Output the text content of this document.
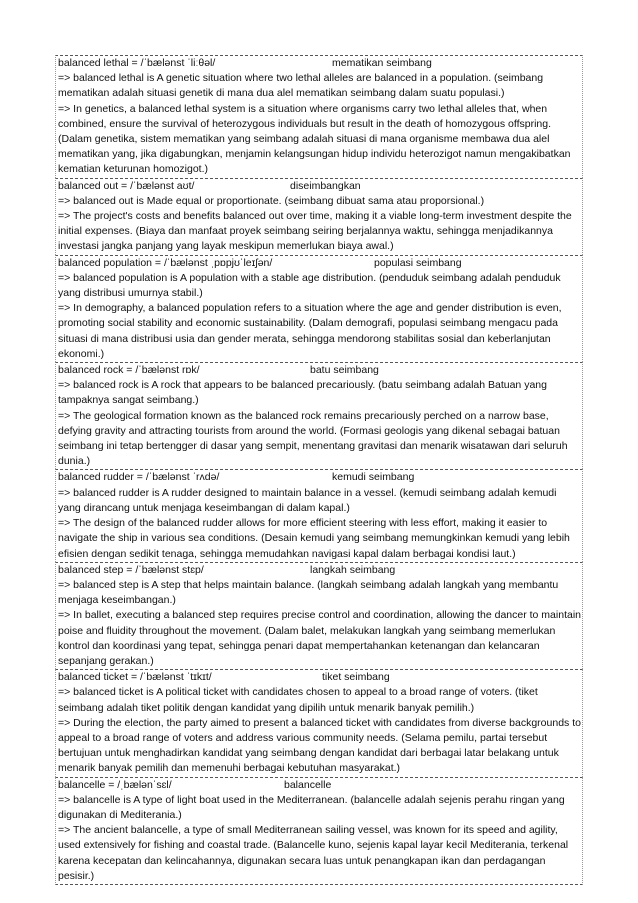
balanced lethal = /ˈbælənst ˈliːθəl/	mematikan seimbang

=> balanced lethal is A genetic situation where two lethal alleles are balanced in a population. (seimbang mematikan adalah situasi genetik di mana dua alel mematikan seimbang dalam suatu populasi.)

=> In genetics, a balanced lethal system is a situation where organisms carry two lethal alleles that, when combined, ensure the survival of heterozygous individuals but result in the death of homozygous offspring. (Dalam genetika, sistem mematikan yang seimbang adalah situasi di mana organisme membawa dua alel mematikan yang, jika digabungkan, menjamin kelangsungan hidup individu heterozigot namun mengakibatkan kematian keturunan homozigot.)

balanced out = /ˈbælənst aʊt/	diseimbangkan

=> balanced out is Made equal or proportionate. (seimbang dibuat sama atau proporsional.)

=> The project's costs and benefits balanced out over time, making it a viable long-term investment despite the initial expenses. (Biaya dan manfaat proyek seimbang seiring berjalannya waktu, sehingga menjadikannya investasi jangka panjang yang layak meskipun memerlukan biaya awal.)

balanced population = /ˈbælənst ˌpɒpjʊˈleɪʃən/	populasi seimbang

=> balanced population is A population with a stable age distribution. (penduduk seimbang adalah penduduk yang distribusi umurnya stabil.)

=> In demography, a balanced population refers to a situation where the age and gender distribution is even, promoting social stability and economic sustainability. (Dalam demografi, populasi seimbang mengacu pada situasi di mana distribusi usia dan gender merata, sehingga mendorong stabilitas sosial dan keberlanjutan ekonomi.)

balanced rock = /ˈbælənst rɒk/	batu seimbang

=> balanced rock is A rock that appears to be balanced precariously. (batu seimbang adalah Batuan yang tampaknya sangat seimbang.)

=> The geological formation known as the balanced rock remains precariously perched on a narrow base, defying gravity and attracting tourists from around the world. (Formasi geologis yang dikenal sebagai batuan seimbang ini tetap bertengger di dasar yang sempit, menentang gravitasi dan menarik wisatawan dari seluruh dunia.)

balanced rudder = /ˈbælənst ˈrʌdə/	kemudi seimbang

=> balanced rudder is A rudder designed to maintain balance in a vessel. (kemudi seimbang adalah kemudi yang dirancang untuk menjaga keseimbangan di dalam kapal.)

=> The design of the balanced rudder allows for more efficient steering with less effort, making it easier to navigate the ship in various sea conditions. (Desain kemudi yang seimbang memungkinkan kemudi yang lebih efisien dengan sedikit tenaga, sehingga memudahkan navigasi kapal dalam berbagai kondisi laut.)

balanced step = /ˈbælənst stɛp/	langkah seimbang

=> balanced step is A step that helps maintain balance. (langkah seimbang adalah langkah yang membantu menjaga keseimbangan.)

=> In ballet, executing a balanced step requires precise control and coordination, allowing the dancer to maintain poise and fluidity throughout the movement. (Dalam balet, melakukan langkah yang seimbang memerlukan kontrol dan koordinasi yang tepat, sehingga penari dapat mempertahankan ketenangan dan kelancaran sepanjang gerakan.)

balanced ticket = /ˈbælənst ˈtɪkɪt/	tiket seimbang

=> balanced ticket is A political ticket with candidates chosen to appeal to a broad range of voters. (tiket seimbang adalah tiket politik dengan kandidat yang dipilih untuk menarik banyak pemilih.)

=> During the election, the party aimed to present a balanced ticket with candidates from diverse backgrounds to appeal to a broad range of voters and address various community needs. (Selama pemilu, partai tersebut bertujuan untuk menghadirkan kandidat yang seimbang dengan kandidat dari berbagai latar belakang untuk menarik banyak pemilih dan memenuhi berbagai kebutuhan masyarakat.)

balancelle = /ˌbælənˈsɛl/	balancelle

=> balancelle is A type of light boat used in the Mediterranean. (balancelle adalah sejenis perahu ringan yang digunakan di Mediterania.)

=> The ancient balancelle, a type of small Mediterranean sailing vessel, was known for its speed and agility, used extensively for fishing and coastal trade. (Balancelle kuno, sejenis kapal layar kecil Mediterania, terkenal karena kecepatan dan kelincahannya, digunakan secara luas untuk penangkapan ikan dan perdagangan pesisir.)
